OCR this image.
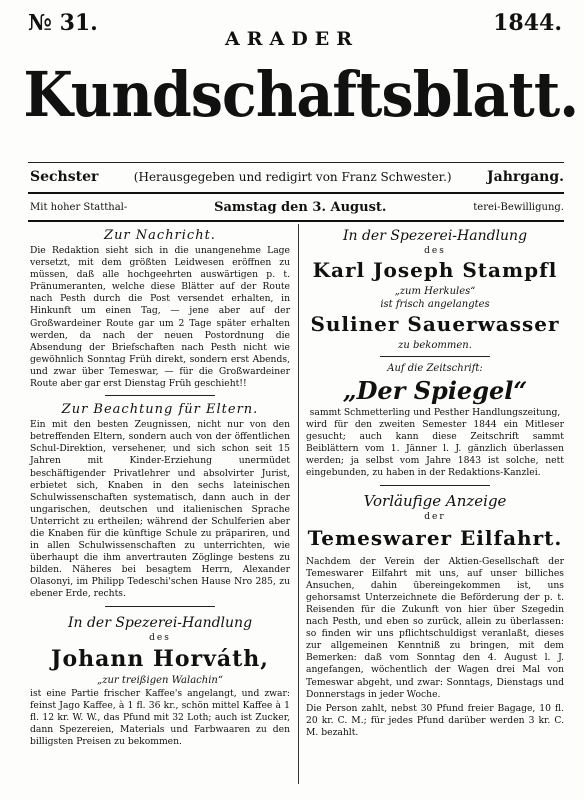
№ 31.	1844.
ARADER
Kundschaftsblatt.
Sechster	(Herausgegeben und redigirt von Franz Schwester.)	Jahrgang.
Mit hoher Statthal-	Samstag den 3. August.	terei-Bewilligung.
Zur Nachricht.

Die Redaktion sieht sich in die unangenehme Lage versetzt, mit dem größten Leidwesen eröffnen zu müssen, daß alle hochgeehrten auswärtigen p. t. Pränumeranten, welche diese Blätter auf der Route nach Pesth durch die Post versendet erhalten, in Hinkunft um einen Tag, — jene aber auf der Großwardeiner Route gar um 2 Tage später erhalten werden, da nach der neuen Postordnung die Absendung der Briefschaften nach Pesth nicht wie gewöhnlich Sonntag Früh direkt, sondern erst Abends, und zwar über Temeswar, — für die Großwardeiner Route aber gar erst Dienstag Früh geschieht!!

Zur Beachtung für Eltern.

Ein mit den besten Zeugnissen, nicht nur von den betreffenden Eltern, sondern auch von der öffentlichen Schul-Direktion, versehener, und sich schon seit 15 Jahren mit Kinder-Erziehung unermüdet beschäftigender Privatlehrer und absolvirter Jurist, erbietet sich, Knaben in den sechs lateinischen Schulwissenschaften systematisch, dann auch in der ungarischen, deutschen und italienischen Sprache Unterricht zu ertheilen; während der Schulferien aber die Knaben für die künftige Schule zu präpariren, und in allen Schulwissenschaften zu unterrichten, wie überhaupt die ihm anvertrauten Zöglinge bestens zu bilden. Näheres bei besagtem Herrn, Alexander Olasonyi, im Philipp Tedeschi'schen Hause Nro 285, zu ebener Erde, rechts.

In der Spezerei-Handlung
des
Johann Horváth,
„zur treißigen Walachin“

ist eine Partie frischer Kaffee's angelangt, und zwar: feinst Jago Kaffee, à 1 fl. 36 kr., schön mittel Kaffee à 1 fl. 12 kr. W. W., das Pfund mit 32 Loth; auch ist Zucker, dann Spezereien, Materials und Farbwaaren zu den billigsten Preisen zu bekommen.

In der Spezerei-Handlung
des
Karl Joseph Stampfl
„zum Herkules“
ist frisch angelangtes
Suliner Sauerwasser
zu bekommen.
Auf die Zeitschrift:
„Der Spiegel“

sammt Schmetterling und Pesther Handlungszeitung,

wird für den zweiten Semester 1844 ein Mitleser gesucht; auch kann diese Zeitschrift sammt Beiblättern vom 1. Jänner l. J. gänzlich überlassen werden; ja selbst vom Jahre 1843 ist solche, nett eingebunden, zu haben in der Redaktions-Kanzlei.

Vorläufige Anzeige
der
Temeswarer Eilfahrt.

Nachdem der Verein der Aktien-Gesellschaft der Temeswarer Eilfahrt mit uns, auf unser billiches Ansuchen, dahin übereingekommen ist, uns gehorsamst Unterzeichnete die Beförderung der p. t. Reisenden für die Zukunft von hier über Szegedin nach Pesth, und eben so zurück, allein zu überlassen: so finden wir uns pflichtschuldigst veranlaßt, dieses zur allgemeinen Kenntniß zu bringen, mit dem Bemerken: daß vom Sonntag den 4. August l. J. angefangen, wöchentlich der Wagen drei Mal von Temeswar abgeht, und zwar: Sonntags, Dienstags und Donnerstags in jeder Woche.

Die Person zahlt, nebst 30 Pfund freier Bagage, 10 fl. 20 kr. C. M.; für jedes Pfund darüber werden 3 kr. C. M. bezahlt.
